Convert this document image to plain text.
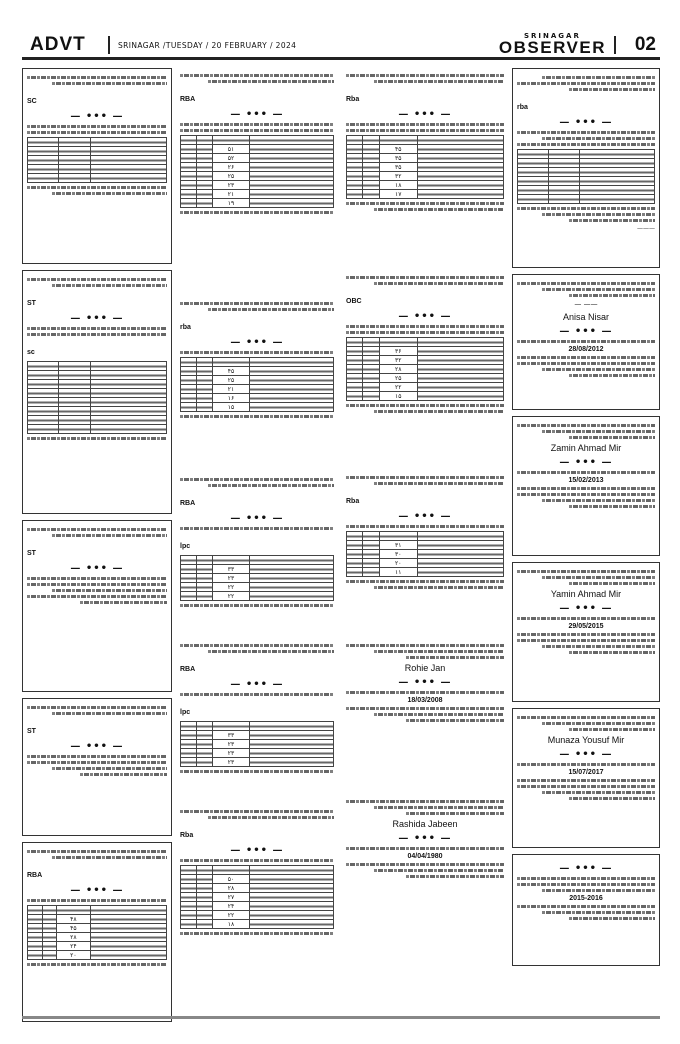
ADVT	SRINAGAR /TUESDAY / 20 FEBRUARY / 2024
SRINAGAR
OBSERVER 02
rba
— ••• —

———
— ——
Anisa Nisar
— ••• —
28/08/2012
Zamin Ahmad Mir
— ••• —
15/02/2013
Yamin Ahmad Mir
— ••• —
29/05/2015
Munaza Yousuf Mir
— ••• —
15/07/2017
— ••• —
2015-2016
Rba
— ••• —

		۴۵	
		۳۵	
		۳۵	
		۳۲	
		۱۸	
		۱۷	
OBC
— ••• —

		۳۶	
		۳۲	
		۲۸	
		۲۵	
		۲۲	
		۱۵	
Rba
— ••• —

		۳۱	
		۳۰	
		۲۰	
		۱۱	
Rohie Jan
— ••• —
18/03/2008
Rashida Jabeen
— ••• —
04/04/1980
RBA
— ••• —

		۵۱	
		۵۲	
		۲۶	
		۲۵	
		۲۳	
		۲۱	
		۱۹	
rba
— ••• —

		۴۵	
		۲۵	
		۲۱	
		۱۶	
		۱۵	
RBA
— ••• —
lpc

		۳۳	
		۲۳	
		۲۲	
		۲۲	
RBA
— ••• —
lpc

		۳۳	
		۲۳	
		۲۳	
		۲۳	
Rba
— ••• —

		۵۰	
		۲۸	
		۲۷	
		۲۴	
		۲۲	
		۱۸	
SC
— ••• —

ST
— ••• —
sc

ST
— ••• —
ST
— ••• —
RBA
— ••• —

		۴۸	
		۴۵	
		۲۸	
		۲۴	
		۲۰	
